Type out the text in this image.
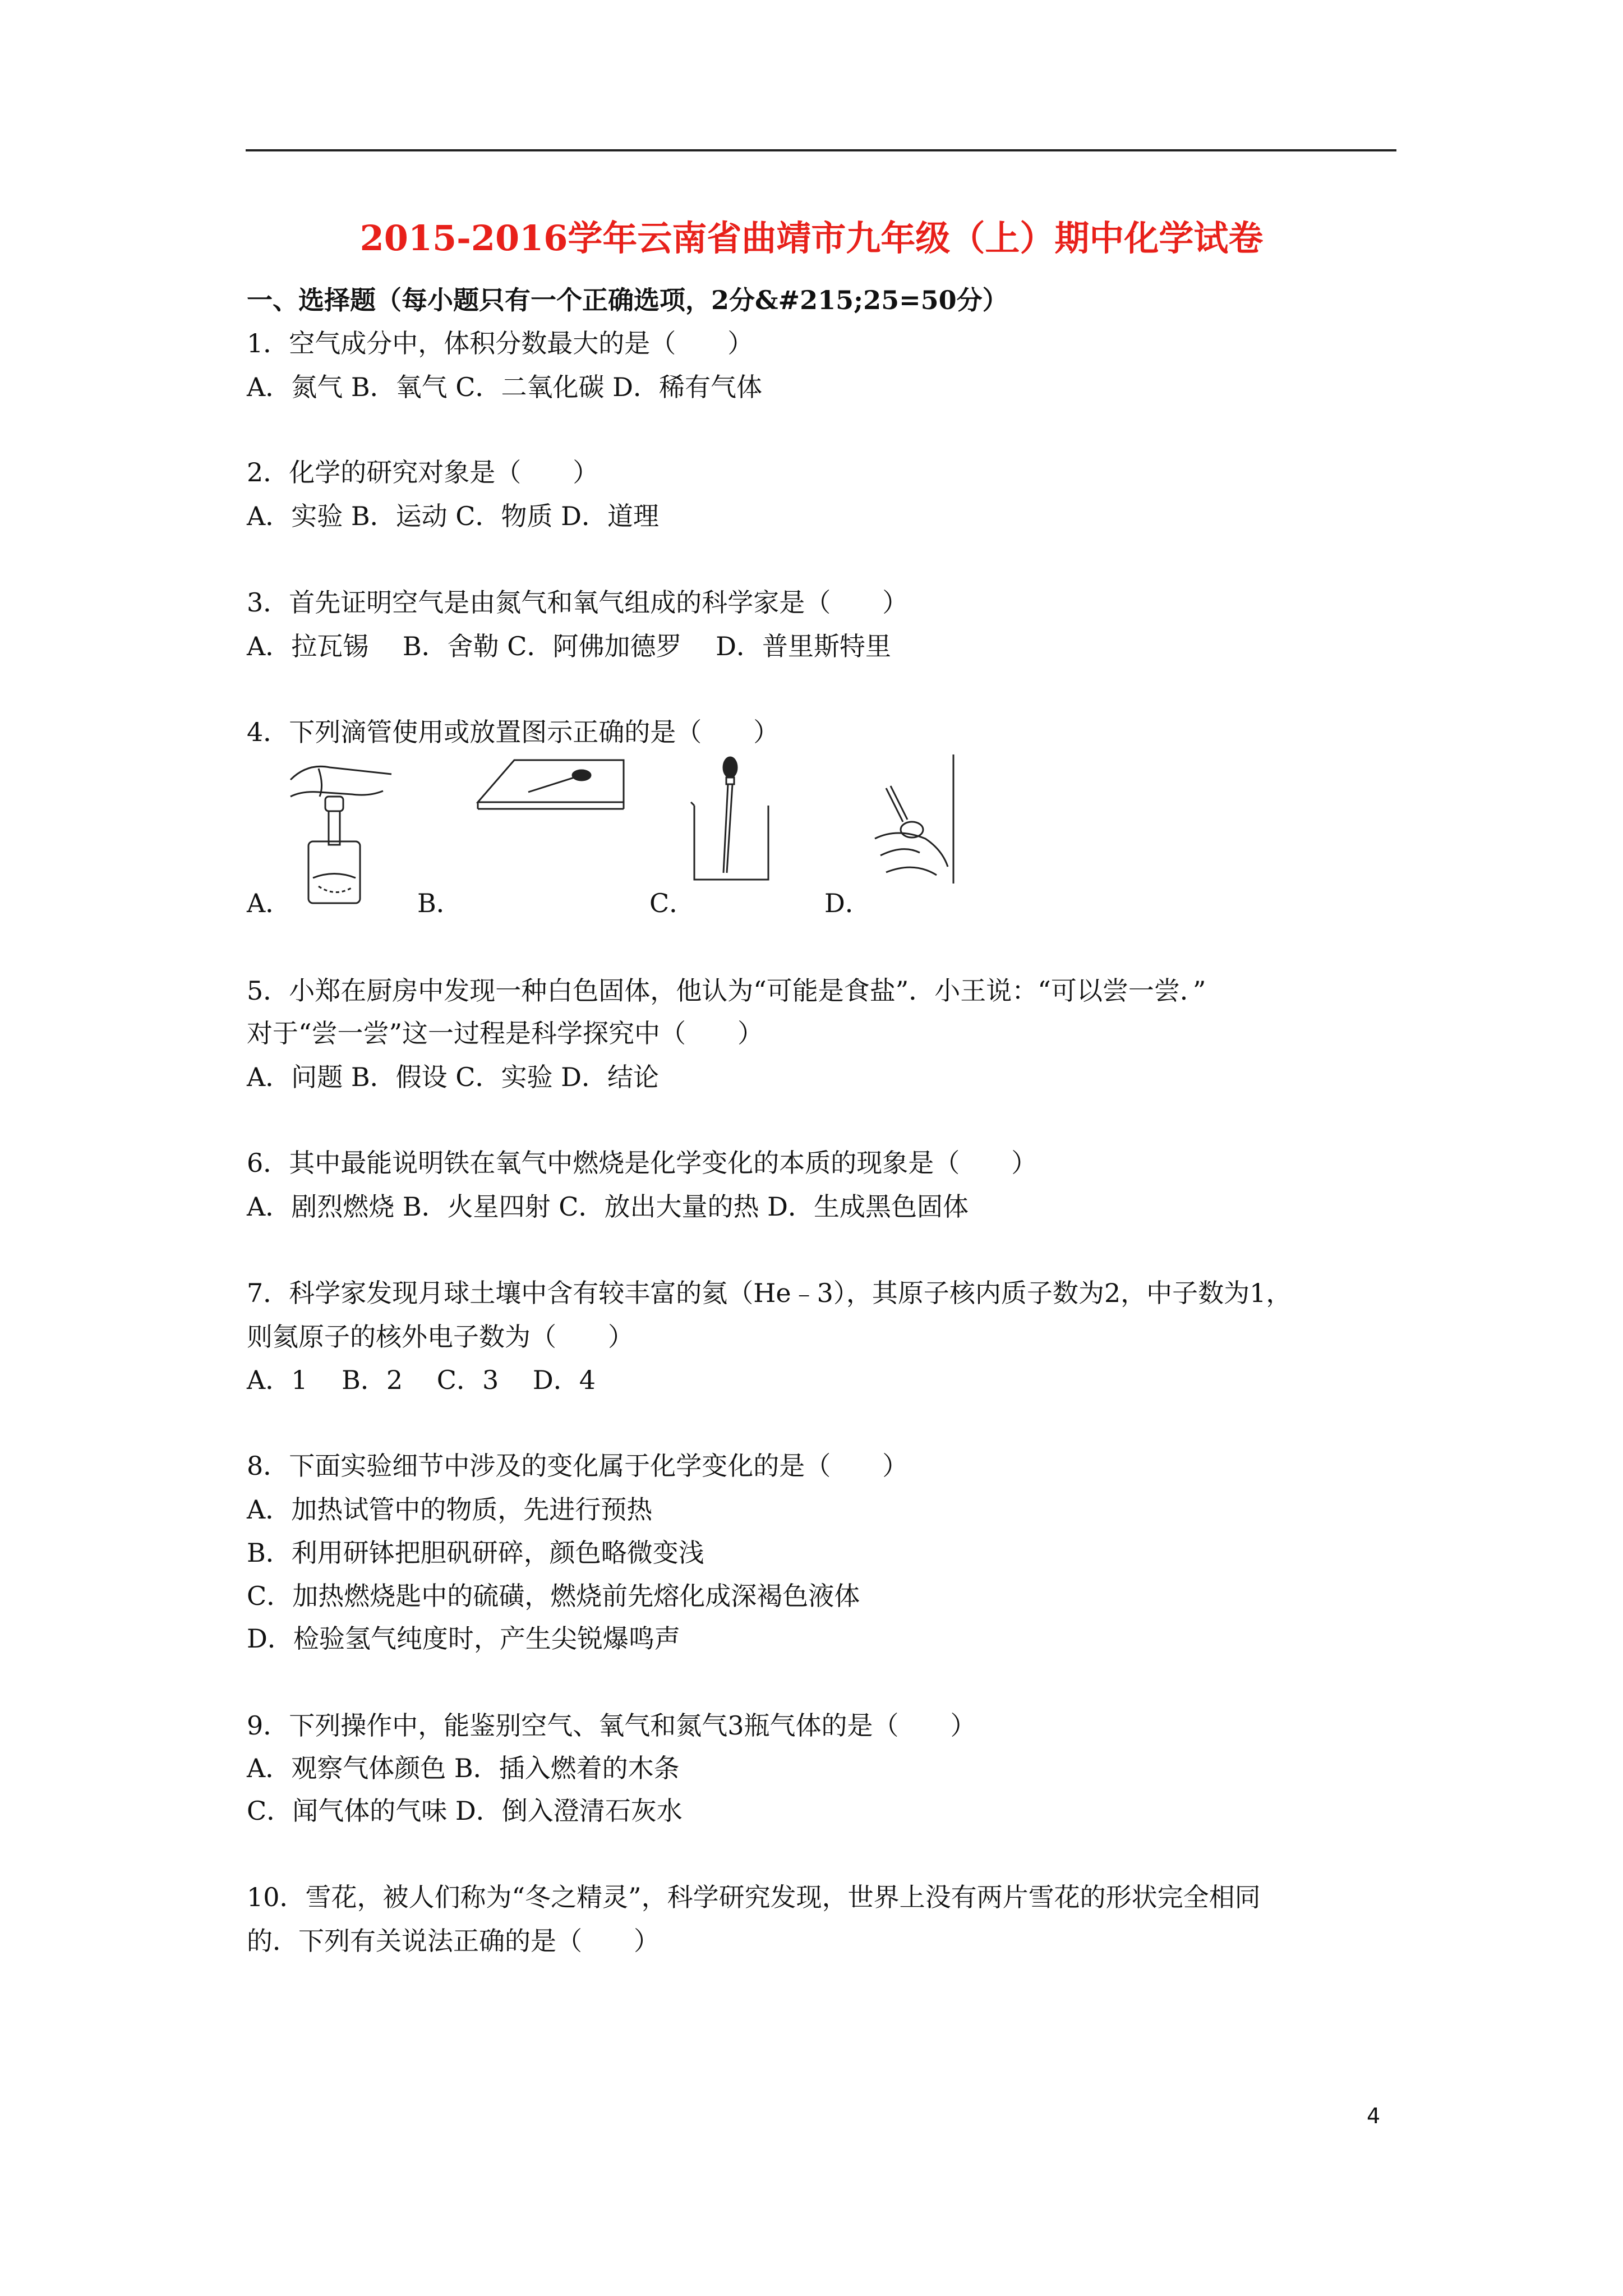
2015-2016学年云南省曲靖市九年级（上）期中化学试卷
一、选择题（每小题只有一个正确选项，2分&#215;25=50分）
1．空气成分中，体积分数最大的是（　　）
A．氮气 B．氧气 C．二氧化碳 D．稀有气体
2．化学的研究对象是（　　）
A．实验 B．运动 C．物质 D．道理
3．首先证明空气是由氮气和氧气组成的科学家是（　　）
A．拉瓦锡　 B．舍勒 C．阿佛加德罗　 D．普里斯特里
4．下列滴管使用或放置图示正确的是（　　）
A．	B．	C．	D．
5．小郑在厨房中发现一种白色固体，他认为“可能是食盐”．小王说：“可以尝一尝．”
对于“尝一尝”这一过程是科学探究中（　　）
A．问题 B．假设 C．实验 D．结论
6．其中最能说明铁在氧气中燃烧是化学变化的本质的现象是（　　）
A．剧烈燃烧 B．火星四射 C．放出大量的热 D．生成黑色固体
7．科学家发现月球土壤中含有较丰富的氦（He﹣3），其原子核内质子数为2，中子数为1，
则氦原子的核外电子数为（　　）
A．1　 B．2　 C．3　 D．4
8．下面实验细节中涉及的变化属于化学变化的是（　　）
A．加热试管中的物质，先进行预热
B．利用研钵把胆矾研碎，颜色略微变浅
C．加热燃烧匙中的硫磺，燃烧前先熔化成深褐色液体
D．检验氢气纯度时，产生尖锐爆鸣声
9．下列操作中，能鉴别空气、氧气和氮气3瓶气体的是（　　）
A．观察气体颜色 B．插入燃着的木条
C．闻气体的气味 D．倒入澄清石灰水
10．雪花，被人们称为“冬之精灵”，科学研究发现，世界上没有两片雪花的形状完全相同
的．下列有关说法正确的是（　　）
4
